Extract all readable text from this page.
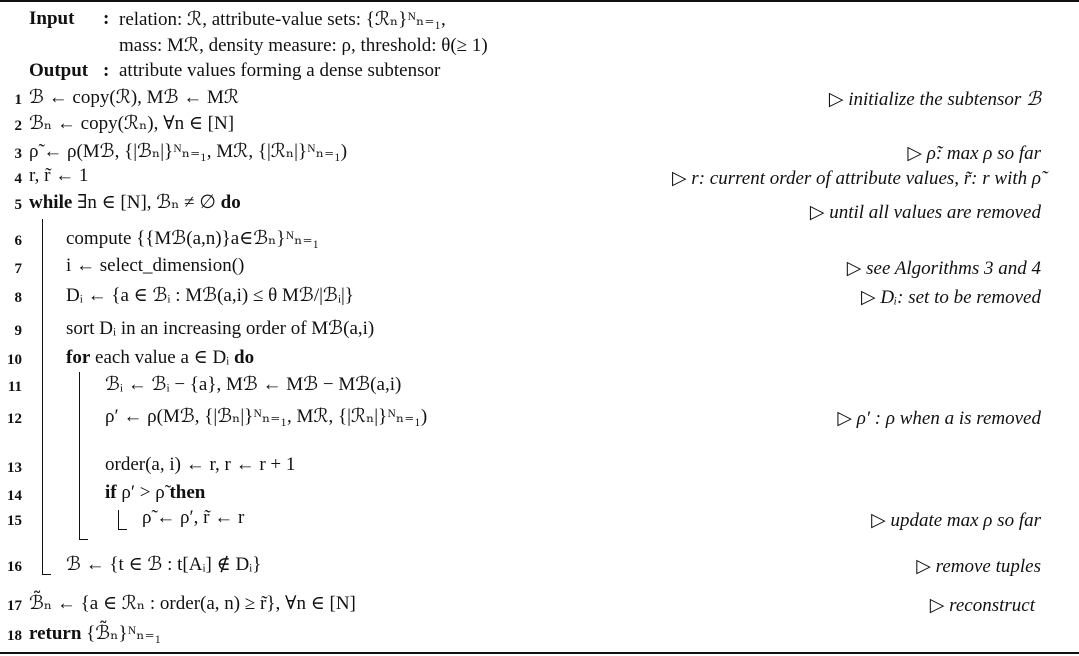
Input : relation: ℛ, attribute-value sets: {ℛₙ}ᴺₙ₌₁,
mass: Mℛ, density measure: ρ, threshold: θ(≥ 1)
Output : attribute values forming a dense subtensor
1 ℬ ← copy(ℛ), Mℬ ← Mℛ	▷ initialize the subtensor ℬ
2 ℬₙ ← copy(ℛₙ), ∀n ∈ [N]
3 ρ̃ ← ρ(Mℬ, {|ℬₙ|}ᴺₙ₌₁, Mℛ, {|ℛₙ|}ᴺₙ₌₁)	▷ ρ̃: max ρ so far
4 r, r̃ ← 1	▷ r: current order of attribute values, r̃: r with ρ̃
5 while ∃n ∈ [N], ℬₙ ≠ ∅ do	▷ until all values are removed
6 compute {{Mℬ(a,n)}a∈ℬₙ}ᴺₙ₌₁
7 i ← select_dimension()	▷ see Algorithms 3 and 4
8 Dᵢ ← {a ∈ ℬᵢ : Mℬ(a,i) ≤ θ Mℬ/|ℬᵢ|}	▷ Dᵢ: set to be removed
9 sort Dᵢ in an increasing order of Mℬ(a,i)
10 for each value a ∈ Dᵢ do
11	ℬᵢ ← ℬᵢ − {a}, Mℬ ← Mℬ − Mℬ(a,i)
12	ρ′ ← ρ(Mℬ, {|ℬₙ|}ᴺₙ₌₁, Mℛ, {|ℛₙ|}ᴺₙ₌₁)	▷ ρ′ : ρ when a is removed
13	order(a, i) ← r, r ← r + 1
14	if ρ′ > ρ̃ then
15	ρ̃ ← ρ′, r̃ ← r	▷ update max ρ so far
16 ℬ ← {t ∈ ℬ : t[Aᵢ] ∉ Dᵢ}	▷ remove tuples
17 ℬ̃ₙ ← {a ∈ ℛₙ : order(a, n) ≥ r̃}, ∀n ∈ [N]	▷ reconstruct
18 return {ℬ̃ₙ}ᴺₙ₌₁
